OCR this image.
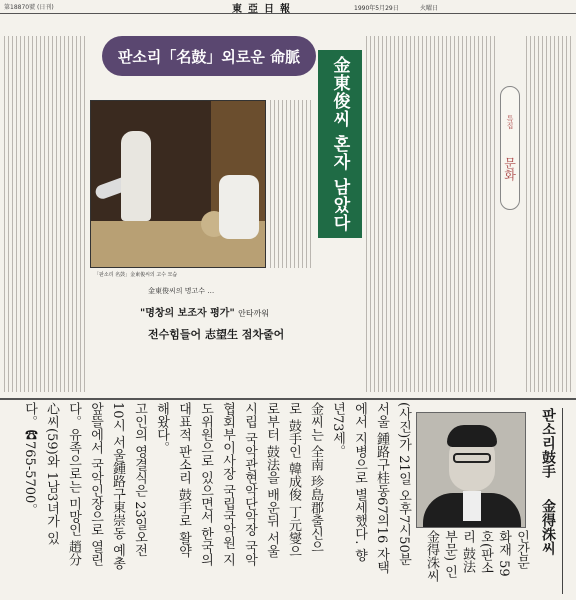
第18870號 (日刊)	東亞日報	1990年5月29日	火曜日
판소리「名鼓」외로운 命脈	金東俊씨 혼자 남았다
「판소리 名鼓」金東俊씨의 고수 모습
특집
문화
金東俊씨의 명고수 …
"명창의 보조자 평가" 안타까워
전수힘들어 志望生 점차줄어
판소리鼓手 金得洙씨
인간문
화재 59
호(판소
리 鼓法
부문) 인
金得洙씨
(사진)가 21일 오후7시50분
서울 鍾路구桂동67의16 자택
에서 지병으로 별세했다. 향
년73세。
金씨는 全南 珍島郡출신으
로 鼓手인 韓成俊 丁元燮으
로부터 鼓法을 배운뒤 서울
시립 국악관현악단악장 국악
협회부이사장 국립국악원 지
도위원으로 있으면서 한국의
대표적 판소리 鼓手로 활약
해왔다。
고인의 영결식은 23일오전
10시 서울鍾路구東崇동 예총
앞뜰에서 국악인장으로 열린
다。유족으로는 미망인 趙分
心씨(59)와 1남3녀가 있
다。☎765-5700。
